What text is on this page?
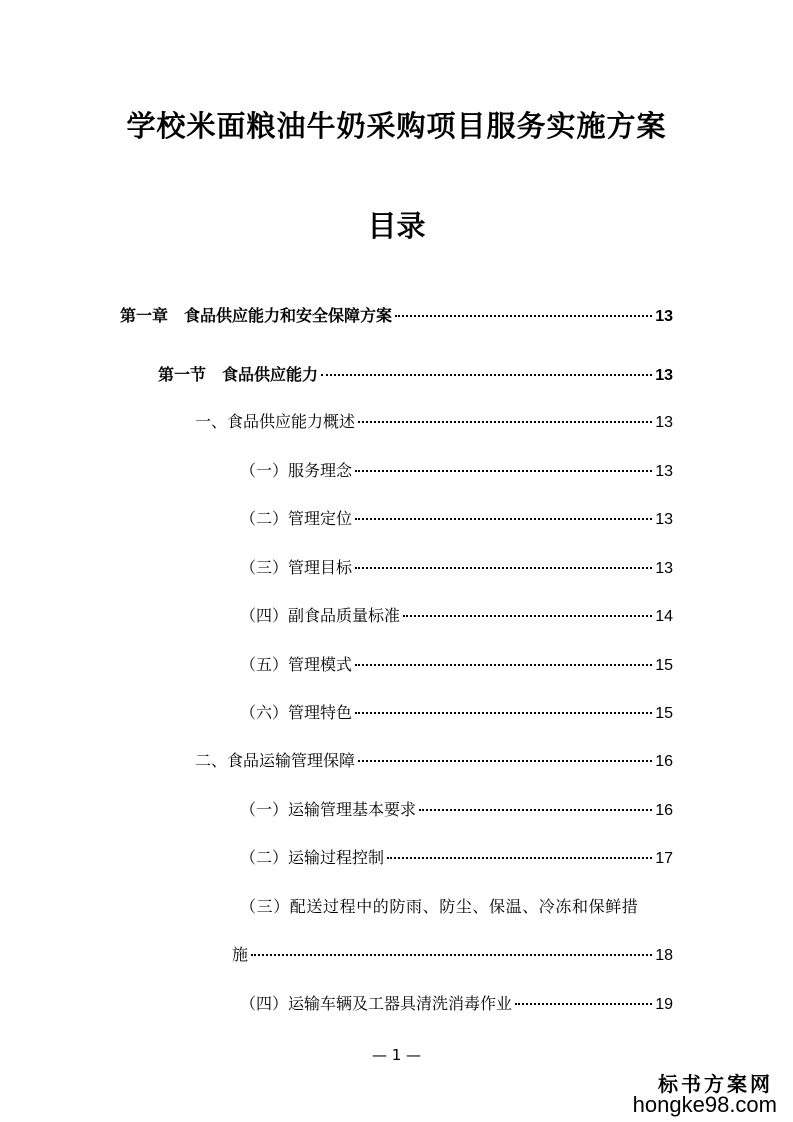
学校米面粮油牛奶采购项目服务实施方案
目录
第一章　食品供应能力和安全保障方案	13
第一节　食品供应能力	13
一、食品供应能力概述	13
（一）服务理念	13
（二）管理定位	13
（三）管理目标	13
（四）副食品质量标准	14
（五）管理模式	15
（六）管理特色	15
二、食品运输管理保障	16
（一）运输管理基本要求	16
（二）运输过程控制	17
（三）配送过程中的防雨、防尘、保温、冷冻和保鲜措
施	18
（四）运输车辆及工器具清洗消毒作业	19
— 1 —
标书方案网
hongke98.com
